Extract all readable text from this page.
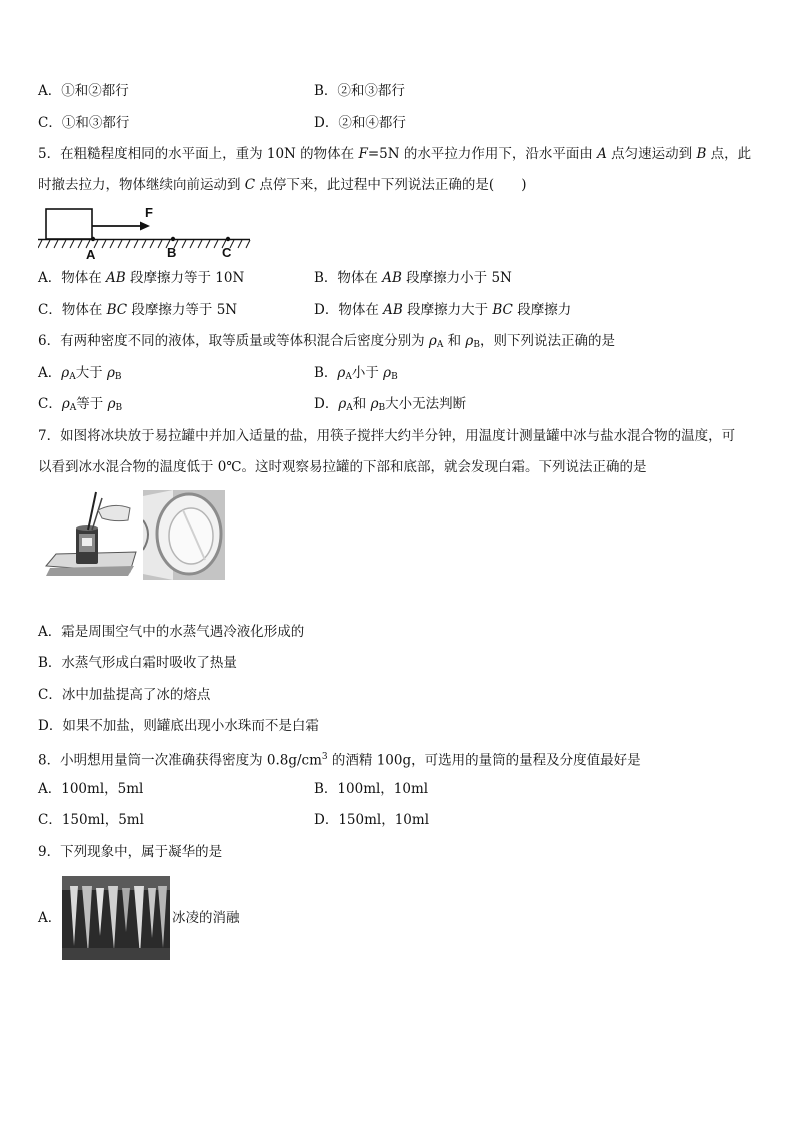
A．①和②都行	B．②和③都行
C．①和③都行	D．②和④都行
5．在粗糙程度相同的水平面上，重为 10N 的物体在 F=5N 的水平拉力作用下，沿水平面由 A 点匀速运动到 B 点，此
时撤去拉力，物体继续向前运动到 C 点停下来，此过程中下列说法正确的是(　　)
F
A	B	C
A．物体在 AB 段摩擦力等于 10N	B．物体在 AB 段摩擦力小于 5N
C．物体在 BC 段摩擦力等于 5N	D．物体在 AB 段摩擦力大于 BC 段摩擦力
6．有两种密度不同的液体，取等质量或等体积混合后密度分别为 $\rho_A$ 和 $\rho_B$，则下列说法正确的是
A．$\rho_A$大于 $\rho_B$	B．$\rho_A$小于 $\rho_B$
C．$\rho_A$等于 $\rho_B$	D．$\rho_A$和 $\rho_B$大小无法判断
7．如图将冰块放于易拉罐中并加入适量的盐，用筷子搅拌大约半分钟，用温度计测量罐中冰与盐水混合物的温度，可
以看到冰水混合物的温度低于 0℃。这时观察易拉罐的下部和底部，就会发现白霜。下列说法正确的是
A．霜是周围空气中的水蒸气遇冷液化形成的
B．水蒸气形成白霜时吸收了热量
C．冰中加盐提高了冰的熔点
D．如果不加盐，则罐底出现小水珠而不是白霜
8．小明想用量筒一次准确获得密度为 $0.8g/cm^3$ 的酒精 100g，可选用的量筒的量程及分度值最好是
A．100ml，5ml	B．100ml，10ml
C．150ml，5ml	D．150ml，10ml
9．下列现象中，属于凝华的是
A．	冰凌的消融
